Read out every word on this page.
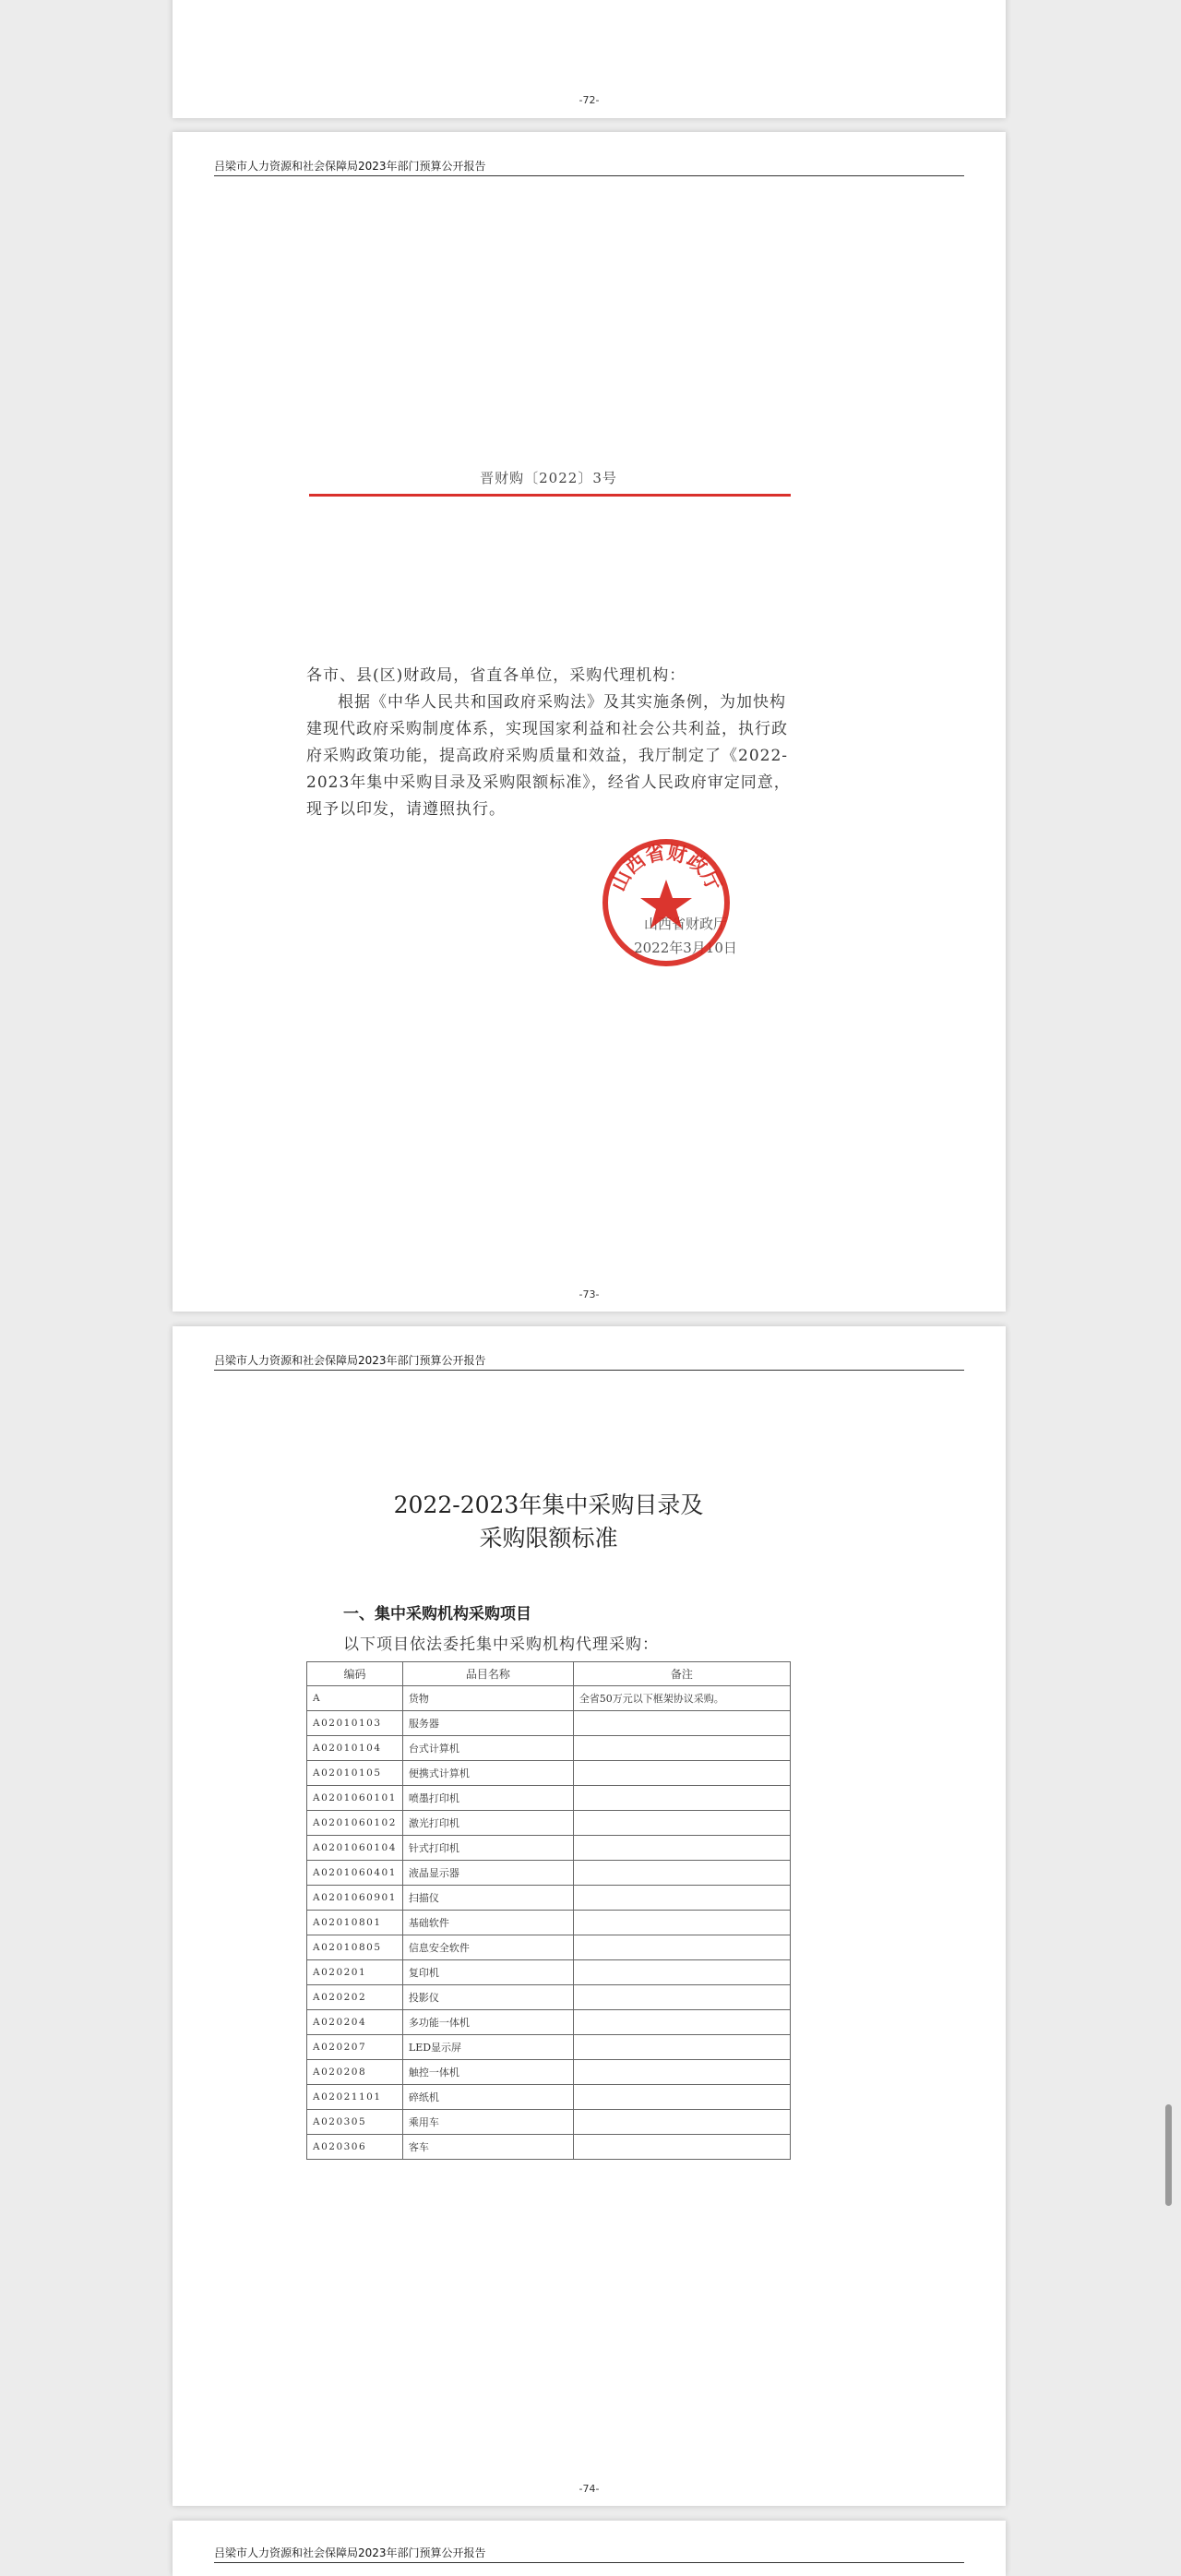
-72-
吕梁市人力资源和社会保障局2023年部门预算公开报告
晋财购〔2022〕3号

各市、县(区)财政局，省直各单位，采购代理机构：

根据《中华人民共和国政府采购法》及其实施条例，为加快构建现代政府采购制度体系，实现国家利益和社会公共利益，执行政府采购政策功能，提高政府采购质量和效益，我厅制定了《2022-2023年集中采购目录及采购限额标准》，经省人民政府审定同意，现予以印发，请遵照执行。

山西省财政厅
2022年3月10日
山西省财政厅
-73-
吕梁市人力资源和社会保障局2023年部门预算公开报告
2022-2023年集中采购目录及
采购限额标准
一、集中采购机构采购项目
以下项目依法委托集中采购机构代理采购：
编码	品目名称	备注
A	货物	全省50万元以下框架协议采购。
A02010103	服务器	
A02010104	台式计算机	
A02010105	便携式计算机	
A0201060101	喷墨打印机	
A0201060102	激光打印机	
A0201060104	针式打印机	
A0201060401	液晶显示器	
A0201060901	扫描仪	
A02010801	基础软件	
A02010805	信息安全软件	
A020201	复印机	
A020202	投影仪	
A020204	多功能一体机	
A020207	LED显示屏	
A020208	触控一体机	
A02021101	碎纸机	
A020305	乘用车	
A020306	客车	
-74-
吕梁市人力资源和社会保障局2023年部门预算公开报告
